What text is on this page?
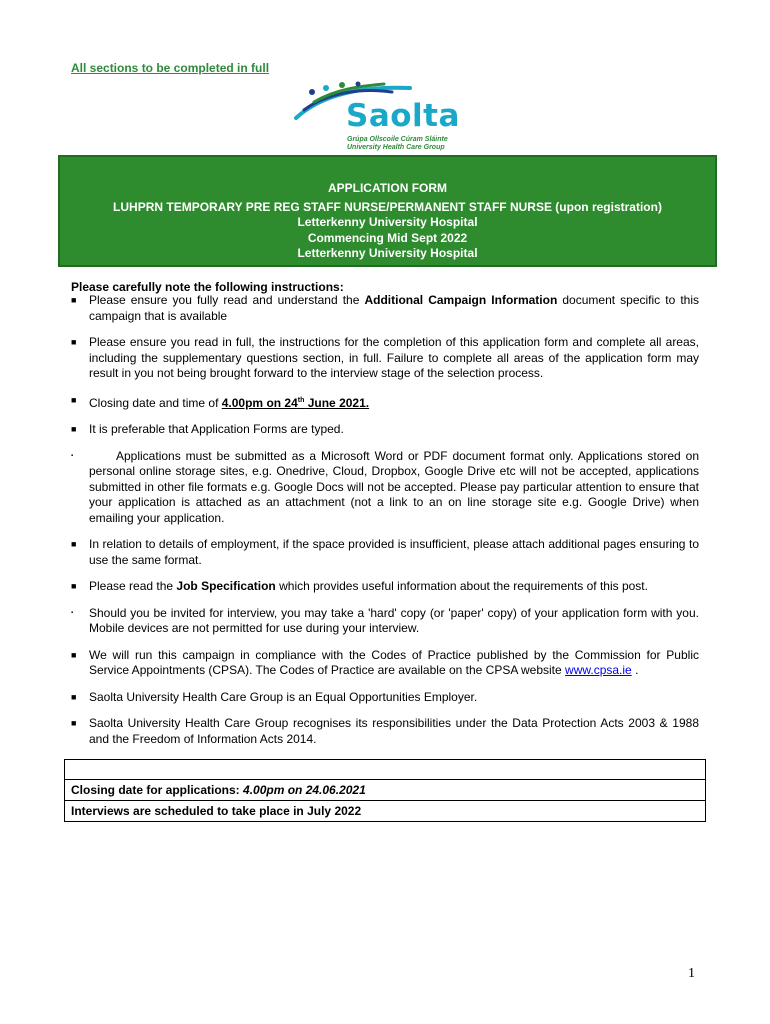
All sections to be completed in full
Saolta
Grúpa Ollscoile Cúram Sláinte
University Health Care Group
APPLICATION FORM
LUHPRN TEMPORARY PRE REG STAFF NURSE/PERMANENT STAFF NURSE (upon registration)
Letterkenny University Hospital
Commencing Mid Sept 2022
Letterkenny University Hospital
Please carefully note the following instructions:
■ Please ensure you fully read and understand the Additional Campaign Information document specific to this campaign that is available
■ Please ensure you read in full, the instructions for the completion of this application form and complete all areas, including the supplementary questions section, in full. Failure to complete all areas of the application form may result in you not being brought forward to the interview stage of the selection process.
■ Closing date and time of 4.00pm on 24th June 2021.
■ It is preferable that Application Forms are typed.
▪	Applications must be submitted as a Microsoft Word or PDF document format only. Applications stored on personal online storage sites, e.g. Onedrive, Cloud, Dropbox, Google Drive etc will not be accepted, applications submitted in other file formats e.g. Google Docs will not be accepted. Please pay particular attention to ensure that your application is attached as an attachment (not a link to an on line storage site e.g. Google Drive) when emailing your application.
■ In relation to details of employment, if the space provided is insufficient, please attach additional pages ensuring to use the same format.
■ Please read the Job Specification which provides useful information about the requirements of this post.
▪ Should you be invited for interview, you may take a 'hard' copy (or 'paper' copy) of your application form with you. Mobile devices are not permitted for use during your interview.
■ We will run this campaign in compliance with the Codes of Practice published by the Commission for Public Service Appointments (CPSA). The Codes of Practice are available on the CPSA website www.cpsa.ie .
■ Saolta University Health Care Group is an Equal Opportunities Employer.
■ Saolta University Health Care Group recognises its responsibilities under the Data Protection Acts 2003 & 1988 and the Freedom of Information Acts 2014.
Closing date for applications: 4.00pm on 24.06.2021
Interviews are scheduled to take place in July 2022
1
